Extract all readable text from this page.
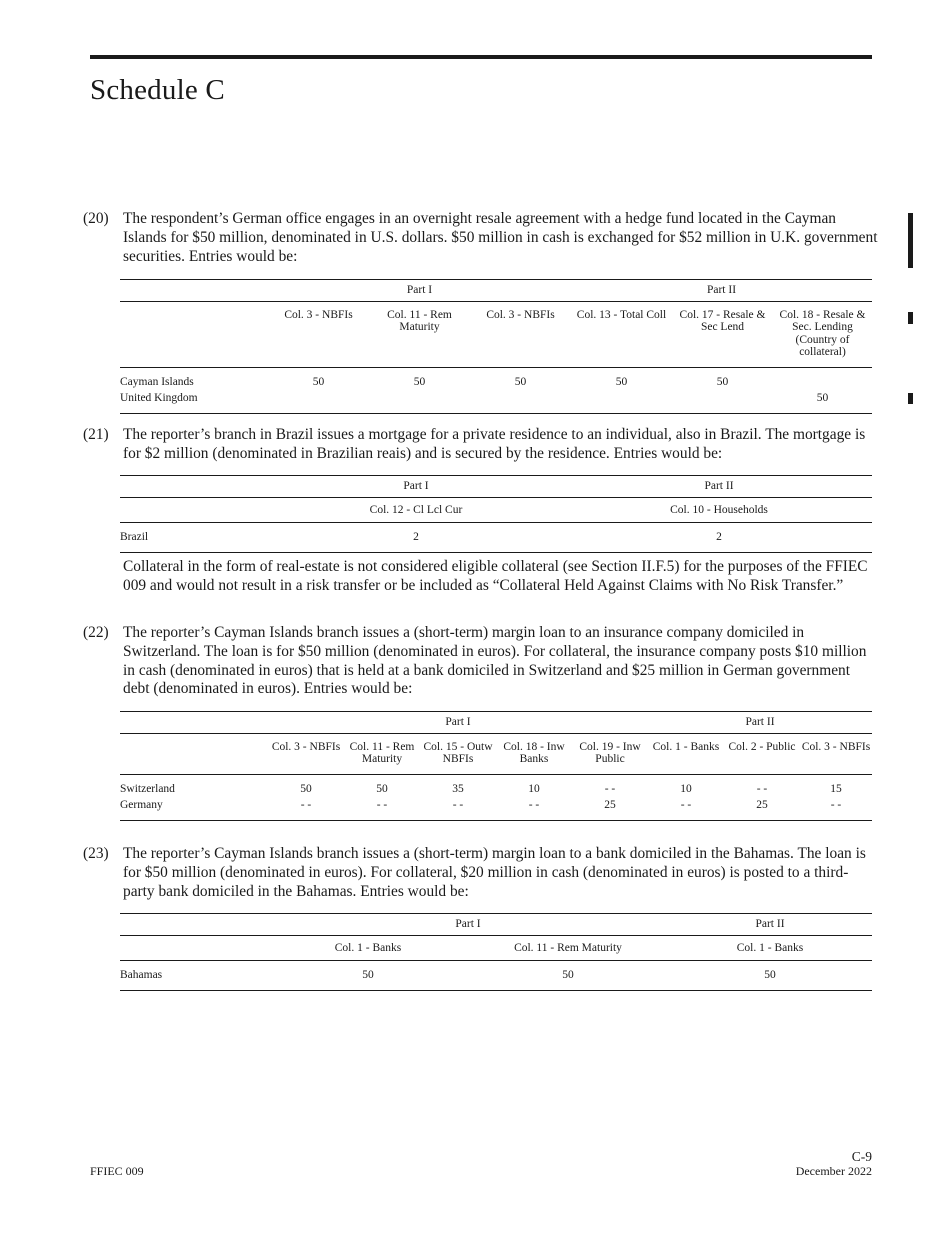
Schedule C
(20) The respondent’s German office engages in an overnight resale agreement with a hedge fund located in the Cayman Islands for $50 million, denominated in U.S. dollars. $50 million in cash is exchanged for $52 million in U.K. government securities. Entries would be:
	Part I			Part II		
	Col. 3 - NBFIs	Col. 11 - Rem Maturity	Col. 3 - NBFIs	Col. 13 - Total Coll	Col. 17 - Resale & Sec Lend	Col. 18 - Resale & Sec. Lending (Country of collateral)
Cayman Islands	50	50	50	50	50	
United Kingdom						50
(21) The reporter’s branch in Brazil issues a mortgage for a private residence to an individual, also in Brazil. The mortgage is for $2 million (denominated in Brazilian reais) and is secured by the residence. Entries would be:
	Part I	Part II
	Col. 12 - Cl Lcl Cur	Col. 10 - Households
Brazil	2	2
Collateral in the form of real-estate is not considered eligible collateral (see Section II.F.5) for the purposes of the FFIEC 009 and would not result in a risk transfer or be included as “Collateral Held Against Claims with No Risk Transfer.”
(22) The reporter’s Cayman Islands branch issues a (short-term) margin loan to an insurance company domiciled in Switzerland. The loan is for $50 million (denominated in euros). For collateral, the insurance company posts $10 million in cash (denominated in euros) that is held at a bank domiciled in Switzerland and $25 million in German government debt (denominated in euros). Entries would be:
	Part I					Part II		
	Col. 3 - NBFIs	Col. 11 - Rem Maturity	Col. 15 - Outw NBFIs	Col. 18 - Inw Banks	Col. 19 - Inw Public	Col. 1 - Banks	Col. 2 - Public	Col. 3 - NBFIs
Switzerland	50	50	35	10	- -	10	- -	15
Germany	- -	- -	- -	- -	25	- -	25	- -
(23) The reporter’s Cayman Islands branch issues a (short-term) margin loan to a bank domiciled in the Bahamas. The loan is for $50 million (denominated in euros). For collateral, $20 million in cash (denominated in euros) is posted to a third-party bank domiciled in the Bahamas. Entries would be:
	Part I		Part II
	Col. 1 - Banks	Col. 11 - Rem Maturity	Col. 1 - Banks
Bahamas	50	50	50
FFIEC 009
C-9
December 2022
